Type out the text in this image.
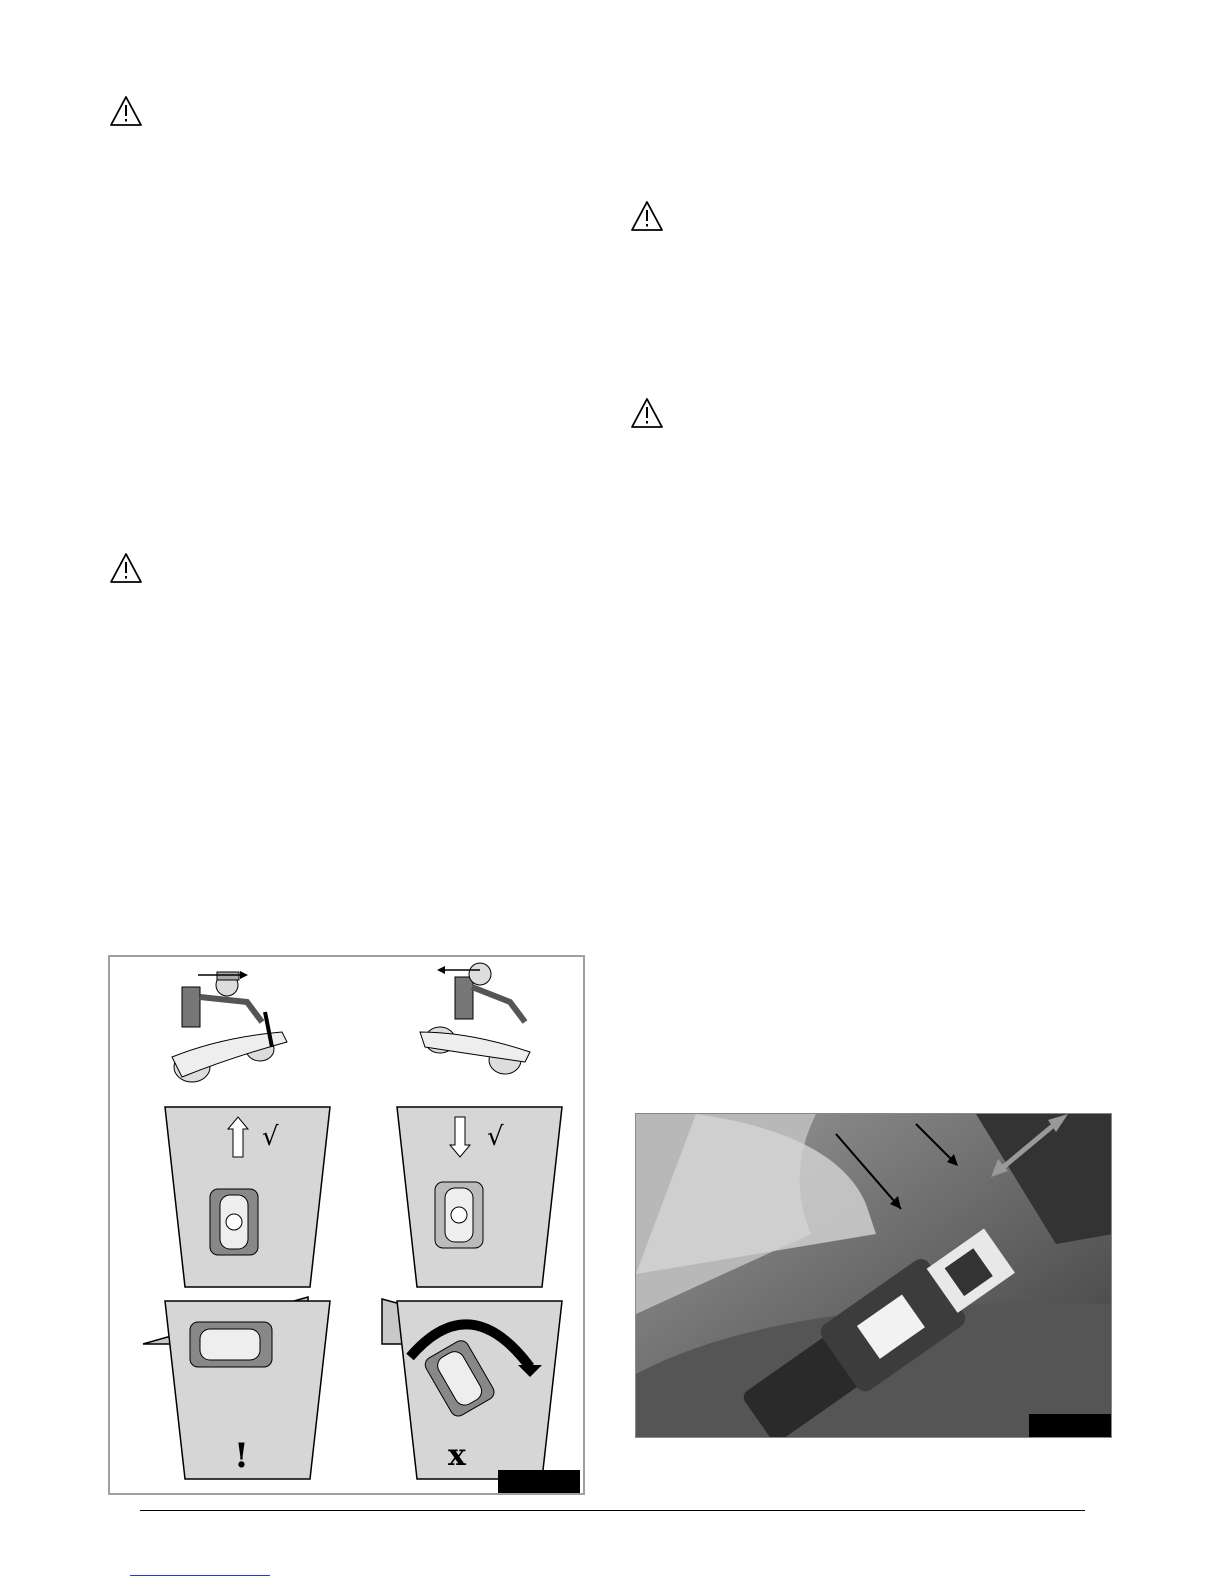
√	√
!	x
